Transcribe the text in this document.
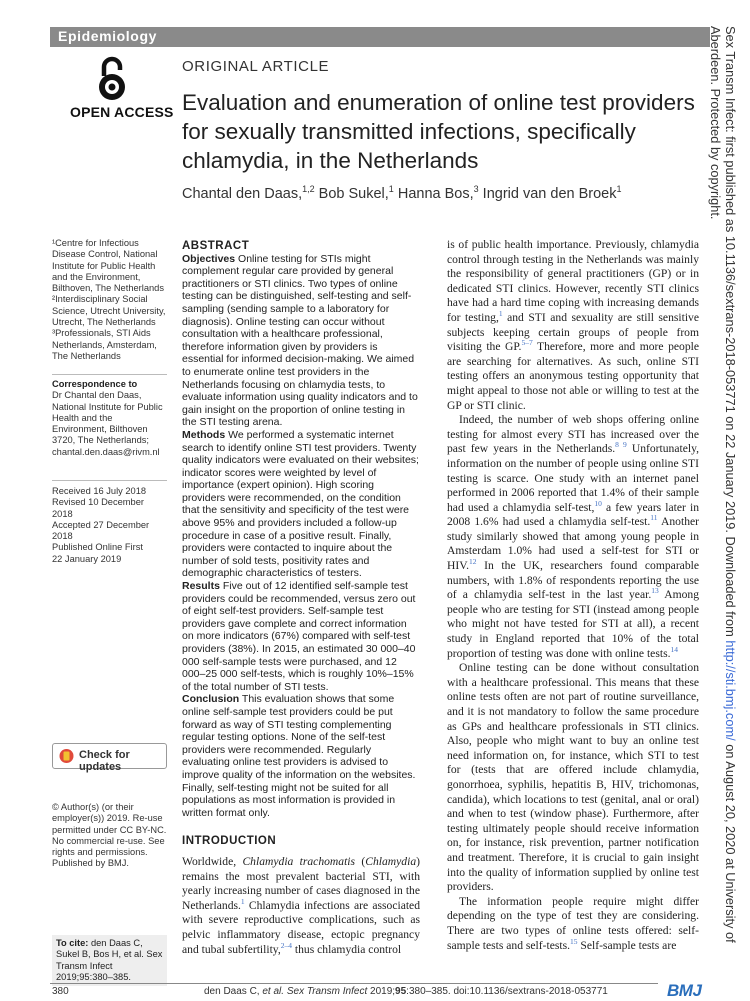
Epidemiology
OPEN ACCESS
ORIGINAL ARTICLE
Evaluation and enumeration of online test providers for sexually transmitted infections, specifically chlamydia, in the Netherlands
Chantal den Daas,$^{1,2}$ Bob Sukel,$^1$ Hanna Bos,$^3$ Ingrid van den Broek$^1$
¹Centre for Infectious Disease Control, National Institute for Public Health and the Environment, Bilthoven, The Netherlands
²Interdisciplinary Social Science, Utrecht University, Utrecht, The Netherlands
³Professionals, STI Aids Netherlands, Amsterdam, The Netherlands
Correspondence to
Dr Chantal den Daas, National Institute for Public Health and the Environment, Bilthoven 3720, The Netherlands; chantal.den.daas@rivm.nl
Received 16 July 2018
Revised 10 December 2018
Accepted 27 December 2018
Published Online First
22 January 2019
Check for updates
© Author(s) (or their employer(s)) 2019. Re-use permitted under CC BY-NC. No commercial re-use. See rights and permissions. Published by BMJ.
To cite: den Daas C, Sukel B, Bos H, et al. Sex Transm Infect 2019;95:380–385.
ABSTRACT
Objectives Online testing for STIs might complement regular care provided by general practitioners or STI clinics. Two types of online testing can be distinguished, self-testing and self-sampling (sending sample to a laboratory for diagnosis). Online testing can occur without consultation with a healthcare professional, therefore information given by providers is essential for informed decision-making. We aimed to enumerate online test providers in the Netherlands focusing on chlamydia tests, to evaluate information using quality indicators and to gain insight on the proportion of online testing in the STI testing arena.
Methods We performed a systematic internet search to identify online STI test providers. Twenty quality indicators were evaluated on their websites; indicator scores were weighted by level of importance (expert opinion). High scoring providers were recommended, on the condition that the sensitivity and specificity of the test were above 95% and providers included a follow-up procedure in case of a positive result. Finally, providers were contacted to inquire about the number of sold tests, positivity rates and demographic characteristics of testers.
Results Five out of 12 identified self-sample test providers could be recommended, versus zero out of eight self-test providers. Self-sample test providers gave complete and correct information on more indicators (67%) compared with self-test providers (38%). In 2015, an estimated 30 000–40 000 self-sample tests were purchased, and 12 000–25 000 self-tests, which is roughly 10%–15% of the total number of STI tests.
Conclusion This evaluation shows that some online self-sample test providers could be put forward as way of STI testing complementing regular testing options. None of the self-test providers were recommended. Regularly evaluating online test providers is advised to improve quality of the information on the websites. Finally, self-testing might not be suited for all populations as most information is provided in written format only.
INTRODUCTION
Worldwide, Chlamydia trachomatis (Chlamydia) remains the most prevalent bacterial STI, with yearly increasing number of cases diagnosed in the Netherlands.$^1$ Chlamydia infections are associated with severe reproductive complications, such as pelvic inflammatory disease, ectopic pregnancy and tubal subfertility,$^{2-4}$ thus chlamydia control

is of public health importance. Previously, chlamydia control through testing in the Netherlands was mainly the responsibility of general practitioners (GP) or in dedicated STI clinics. However, recently STI clinics have had a hard time coping with increasing demands for testing,$^1$ and STI and sexuality are still sensitive subjects keeping certain groups of people from visiting the GP.$^{5-7}$ Therefore, more and more people are searching for alternatives. As such, online STI testing offers an anonymous testing opportunity that might appeal to those not able or willing to test at the GP or STI clinic.

Indeed, the number of web shops offering online testing for almost every STI has increased over the past few years in the Netherlands.$^{8 9}$ Unfortunately, information on the number of people using online STI testing is scarce. One study with an internet panel performed in 2006 reported that 1.4% of their sample had used a chlamydia self-test,$^{10}$ a few years later in 2008 1.6% had used a chlamydia self-test.$^{11}$ Another study similarly showed that among young people in Amsterdam 1.0% had used a self-test for STI or HIV.$^{12}$ In the UK, researchers found comparable numbers, with 1.8% of respondents reporting the use of a chlamydia self-test in the last year.$^{13}$ Among people who are testing for STI (instead among people who might not have tested for STI at all), a recent study in England reported that 10% of the total proportion of testing was done with online tests.$^{14}$

Online testing can be done without consultation with a healthcare professional. This means that these online tests often are not part of routine surveillance, and it is not mandatory to follow the same procedure as GPs and healthcare professionals in STI clinics. Also, people who might want to buy an online test need information on, for instance, which STI to test for (tests that are offered include chlamydia, gonorrhoea, syphilis, hepatitis B, HIV, trichomonas, candida), which locations to test (genital, anal or oral) and when to test (window phase). Furthermore, after testing ultimately people should receive information on, for instance, risk prevention, partner notification and treatment. Therefore, it is crucial to gain insight into the quality of information supplied by online test providers.

The information people require might differ depending on the type of test they are considering. There are two types of online tests offered: self-sample tests and self-tests.$^{15}$ Self-sample tests are

380	den Daas C, et al. Sex Transm Infect 2019;95:380–385. doi:10.1136/sextrans-2018-053771	BMJ
Sex Transm Infect: first published as 10.1136/sextrans-2018-053771 on 22 January 2019. Downloaded from http://sti.bmj.com/ on August 20, 2020 at University of Aberdeen. Protected by copyright.
